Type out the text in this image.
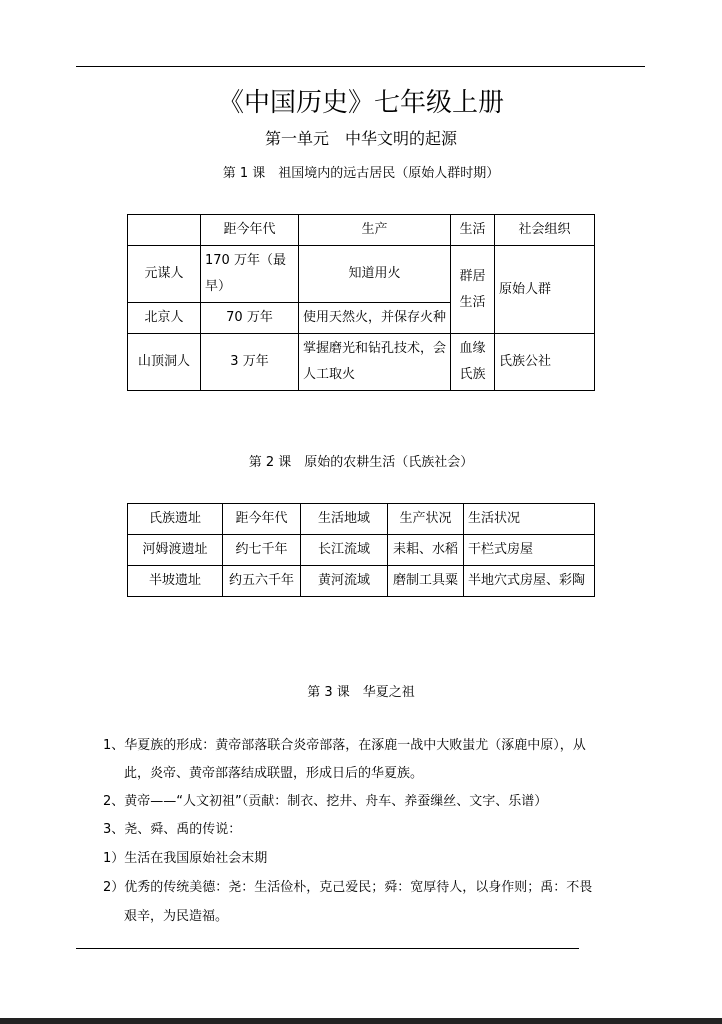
《中国历史》七年级上册
第一单元　中华文明的起源
第 1 课　祖国境内的远古居民（原始人群时期）
	距今年代	生产	生活	社会组织
元谋人	170 万年（最早）	知道用火	群居生活	原始人群
北京人	70 万年	使用天然火，并保存火种		
山顶洞人	3 万年	掌握磨光和钻孔技术，会人工取火	血缘氏族	氏族公社
第 2 课　原始的农耕生活（氏族社会）
氏族遗址	距今年代	生活地域	生产状况	生活状况
河姆渡遗址	约七千年	长江流域	耒耜、水稻	干栏式房屋
半坡遗址	约五六千年	黄河流域	磨制工具粟	半地穴式房屋、彩陶
第 3 课　华夏之祖
1、华夏族的形成：黄帝部落联合炎帝部落，在涿鹿一战中大败蚩尤（涿鹿中原），从
此，炎帝、黄帝部落结成联盟，形成日后的华夏族。
2、黄帝——“人文初祖”（贡献：制衣、挖井、舟车、养蚕缫丝、文字、乐谱）
3、尧、舜、禹的传说：
1）生活在我国原始社会末期
2）优秀的传统美德：尧：生活俭朴，克己爱民；舜：宽厚待人，以身作则；禹：不畏
艰辛，为民造福。
